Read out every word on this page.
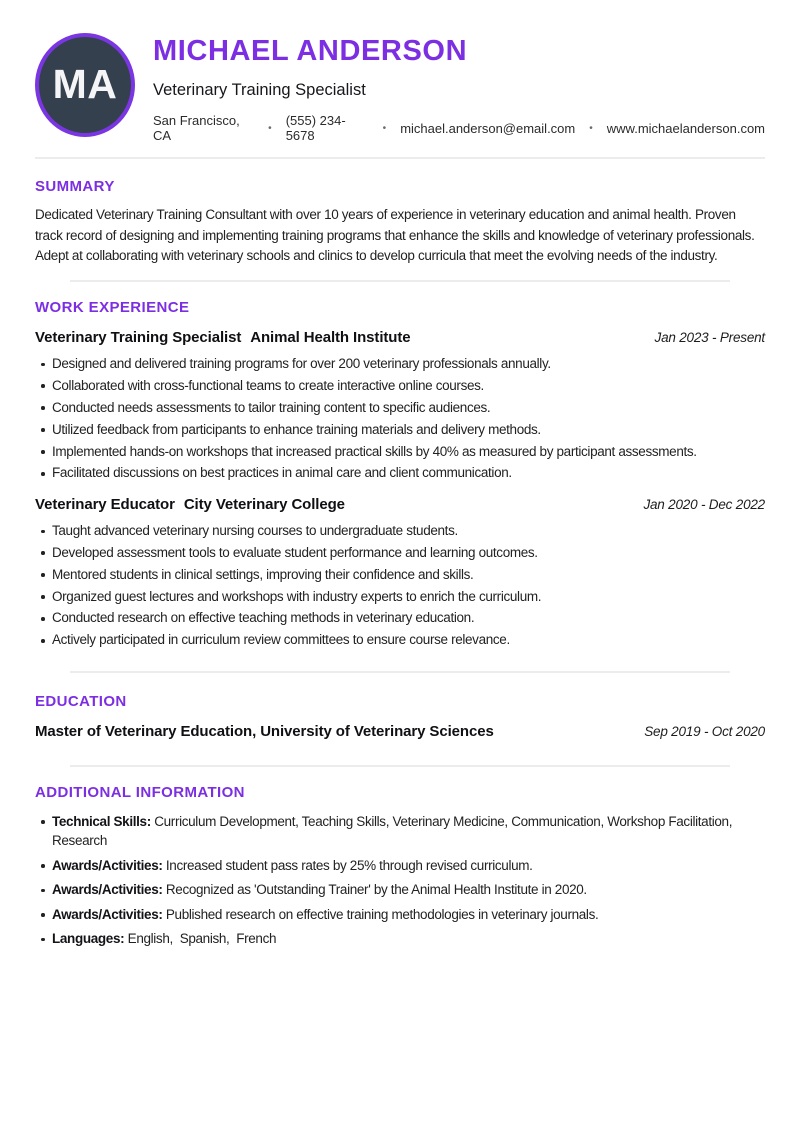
MA
MICHAEL ANDERSON
Veterinary Training Specialist
San Francisco, CA	• (555) 234-5678	• michael.anderson@email.com • www.michaelanderson.com
SUMMARY
Dedicated Veterinary Training Consultant with over 10 years of experience in veterinary education and animal health. Proven track record of designing and implementing training programs that enhance the skills and knowledge of veterinary professionals. Adept at collaborating with veterinary schools and clinics to develop curricula that meet the evolving needs of the industry.
WORK EXPERIENCE
Veterinary Training Specialist Animal Health Institute	Jan 2023 - Present
Designed and delivered training programs for over 200 veterinary professionals annually.
Collaborated with cross-functional teams to create interactive online courses.
Conducted needs assessments to tailor training content to specific audiences.
Utilized feedback from participants to enhance training materials and delivery methods.
Implemented hands-on workshops that increased practical skills by 40% as measured by participant assessments.
Facilitated discussions on best practices in animal care and client communication.
Veterinary Educator City Veterinary College	Jan 2020 - Dec 2022
Taught advanced veterinary nursing courses to undergraduate students.
Developed assessment tools to evaluate student performance and learning outcomes.
Mentored students in clinical settings, improving their confidence and skills.
Organized guest lectures and workshops with industry experts to enrich the curriculum.
Conducted research on effective teaching methods in veterinary education.
Actively participated in curriculum review committees to ensure course relevance.
EDUCATION
Master of Veterinary Education, University of Veterinary Sciences	Sep 2019 - Oct 2020
ADDITIONAL INFORMATION
Technical Skills: Curriculum Development, Teaching Skills, Veterinary Medicine, Communication, Workshop Facilitation, Research
Awards/Activities: Increased student pass rates by 25% through revised curriculum.
Awards/Activities: Recognized as 'Outstanding Trainer' by the Animal Health Institute in 2020.
Awards/Activities: Published research on effective training methodologies in veterinary journals.
Languages: English,  Spanish,  French
